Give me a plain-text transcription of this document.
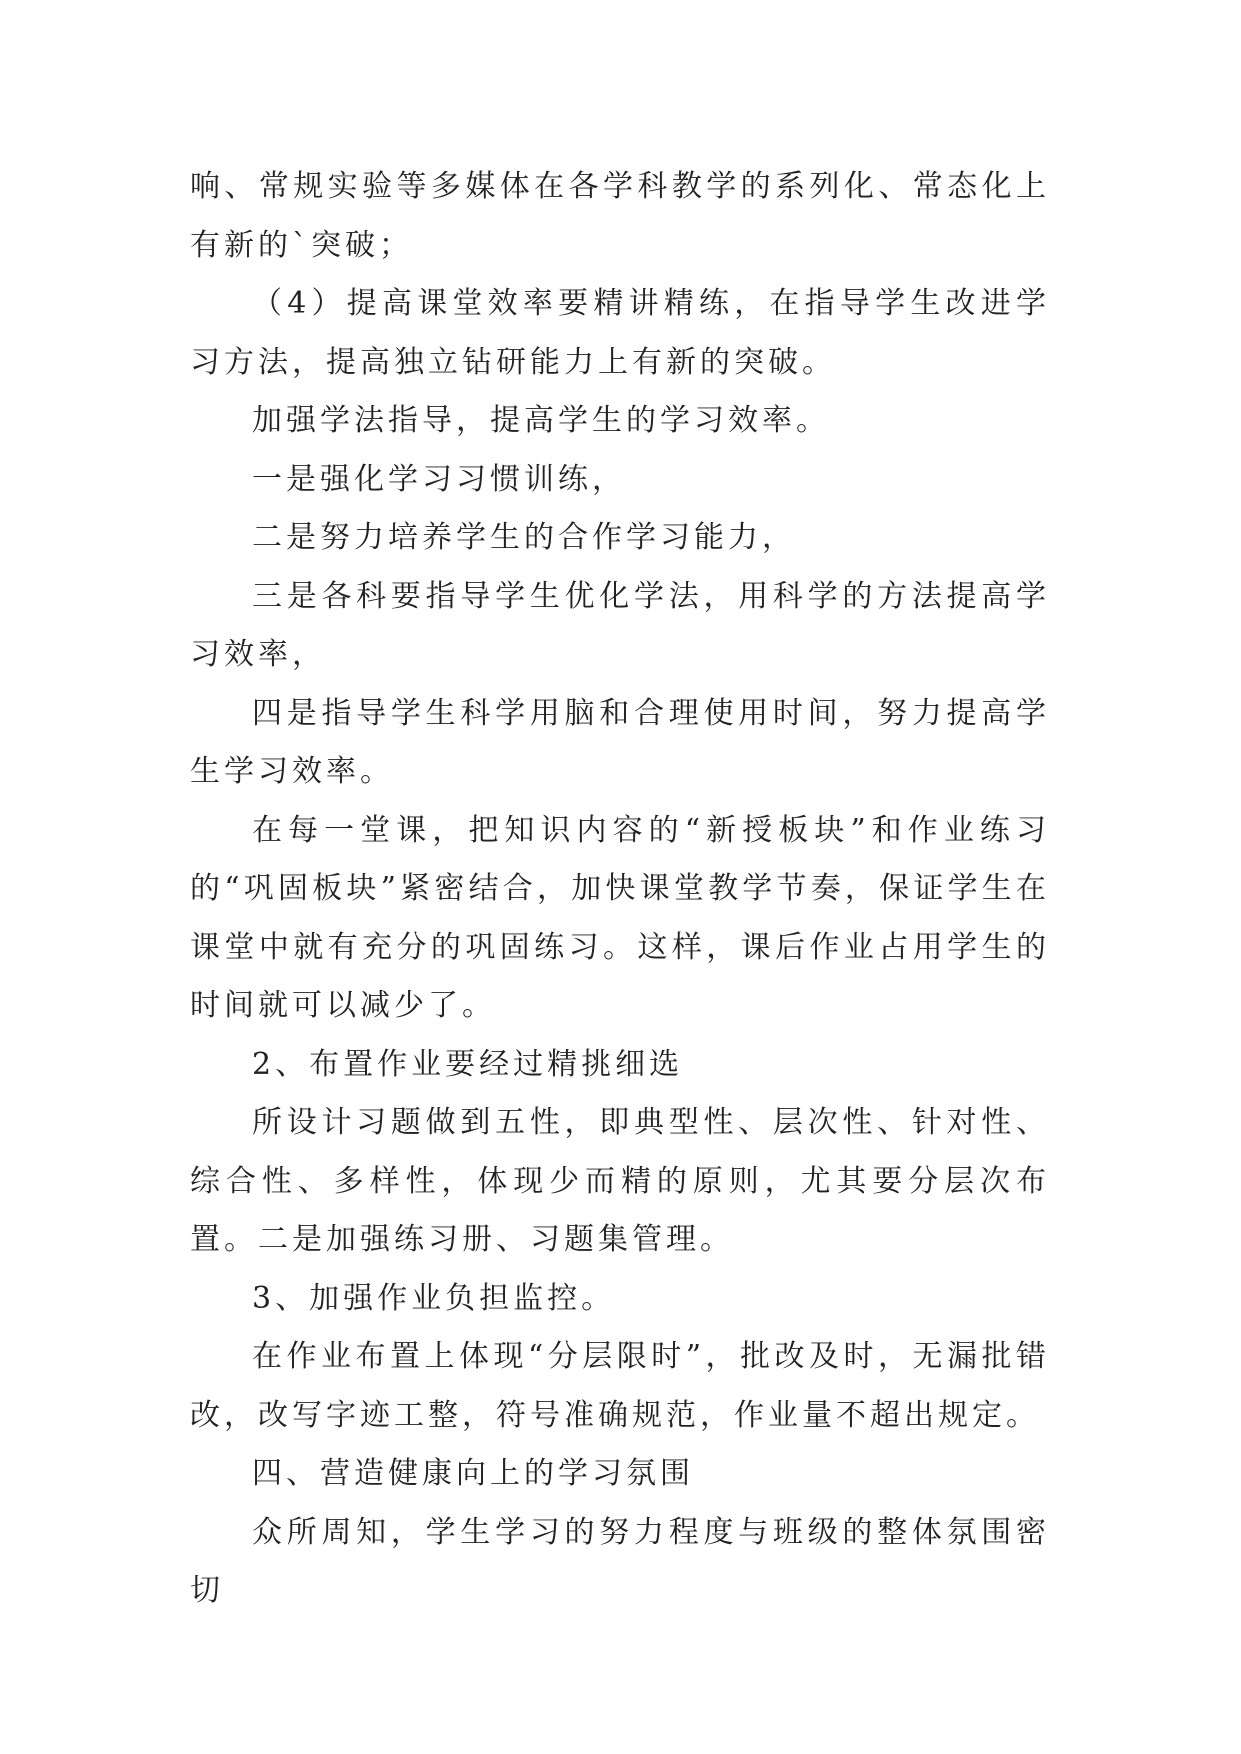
响、常规实验等多媒体在各学科教学的系列化、常态化上有新的`突破；

（4）提高课堂效率要精讲精练，在指导学生改进学习方法，提高独立钻研能力上有新的突破。

加强学法指导，提高学生的学习效率。

一是强化学习习惯训练，

二是努力培养学生的合作学习能力，

三是各科要指导学生优化学法，用科学的方法提高学习效率，

四是指导学生科学用脑和合理使用时间，努力提高学生学习效率。

在每一堂课，把知识内容的“新授板块”和作业练习的“巩固板块”紧密结合，加快课堂教学节奏，保证学生在课堂中就有充分的巩固练习。这样，课后作业占用学生的时间就可以减少了。

2、布置作业要经过精挑细选

所设计习题做到五性，即典型性、层次性、针对性、综合性、多样性，体现少而精的原则，尤其要分层次布置。二是加强练习册、习题集管理。

3、加强作业负担监控。

在作业布置上体现“分层限时”，批改及时，无漏批错改，改写字迹工整，符号准确规范，作业量不超出规定。

四、营造健康向上的学习氛围

众所周知，学生学习的努力程度与班级的整体氛围密切
